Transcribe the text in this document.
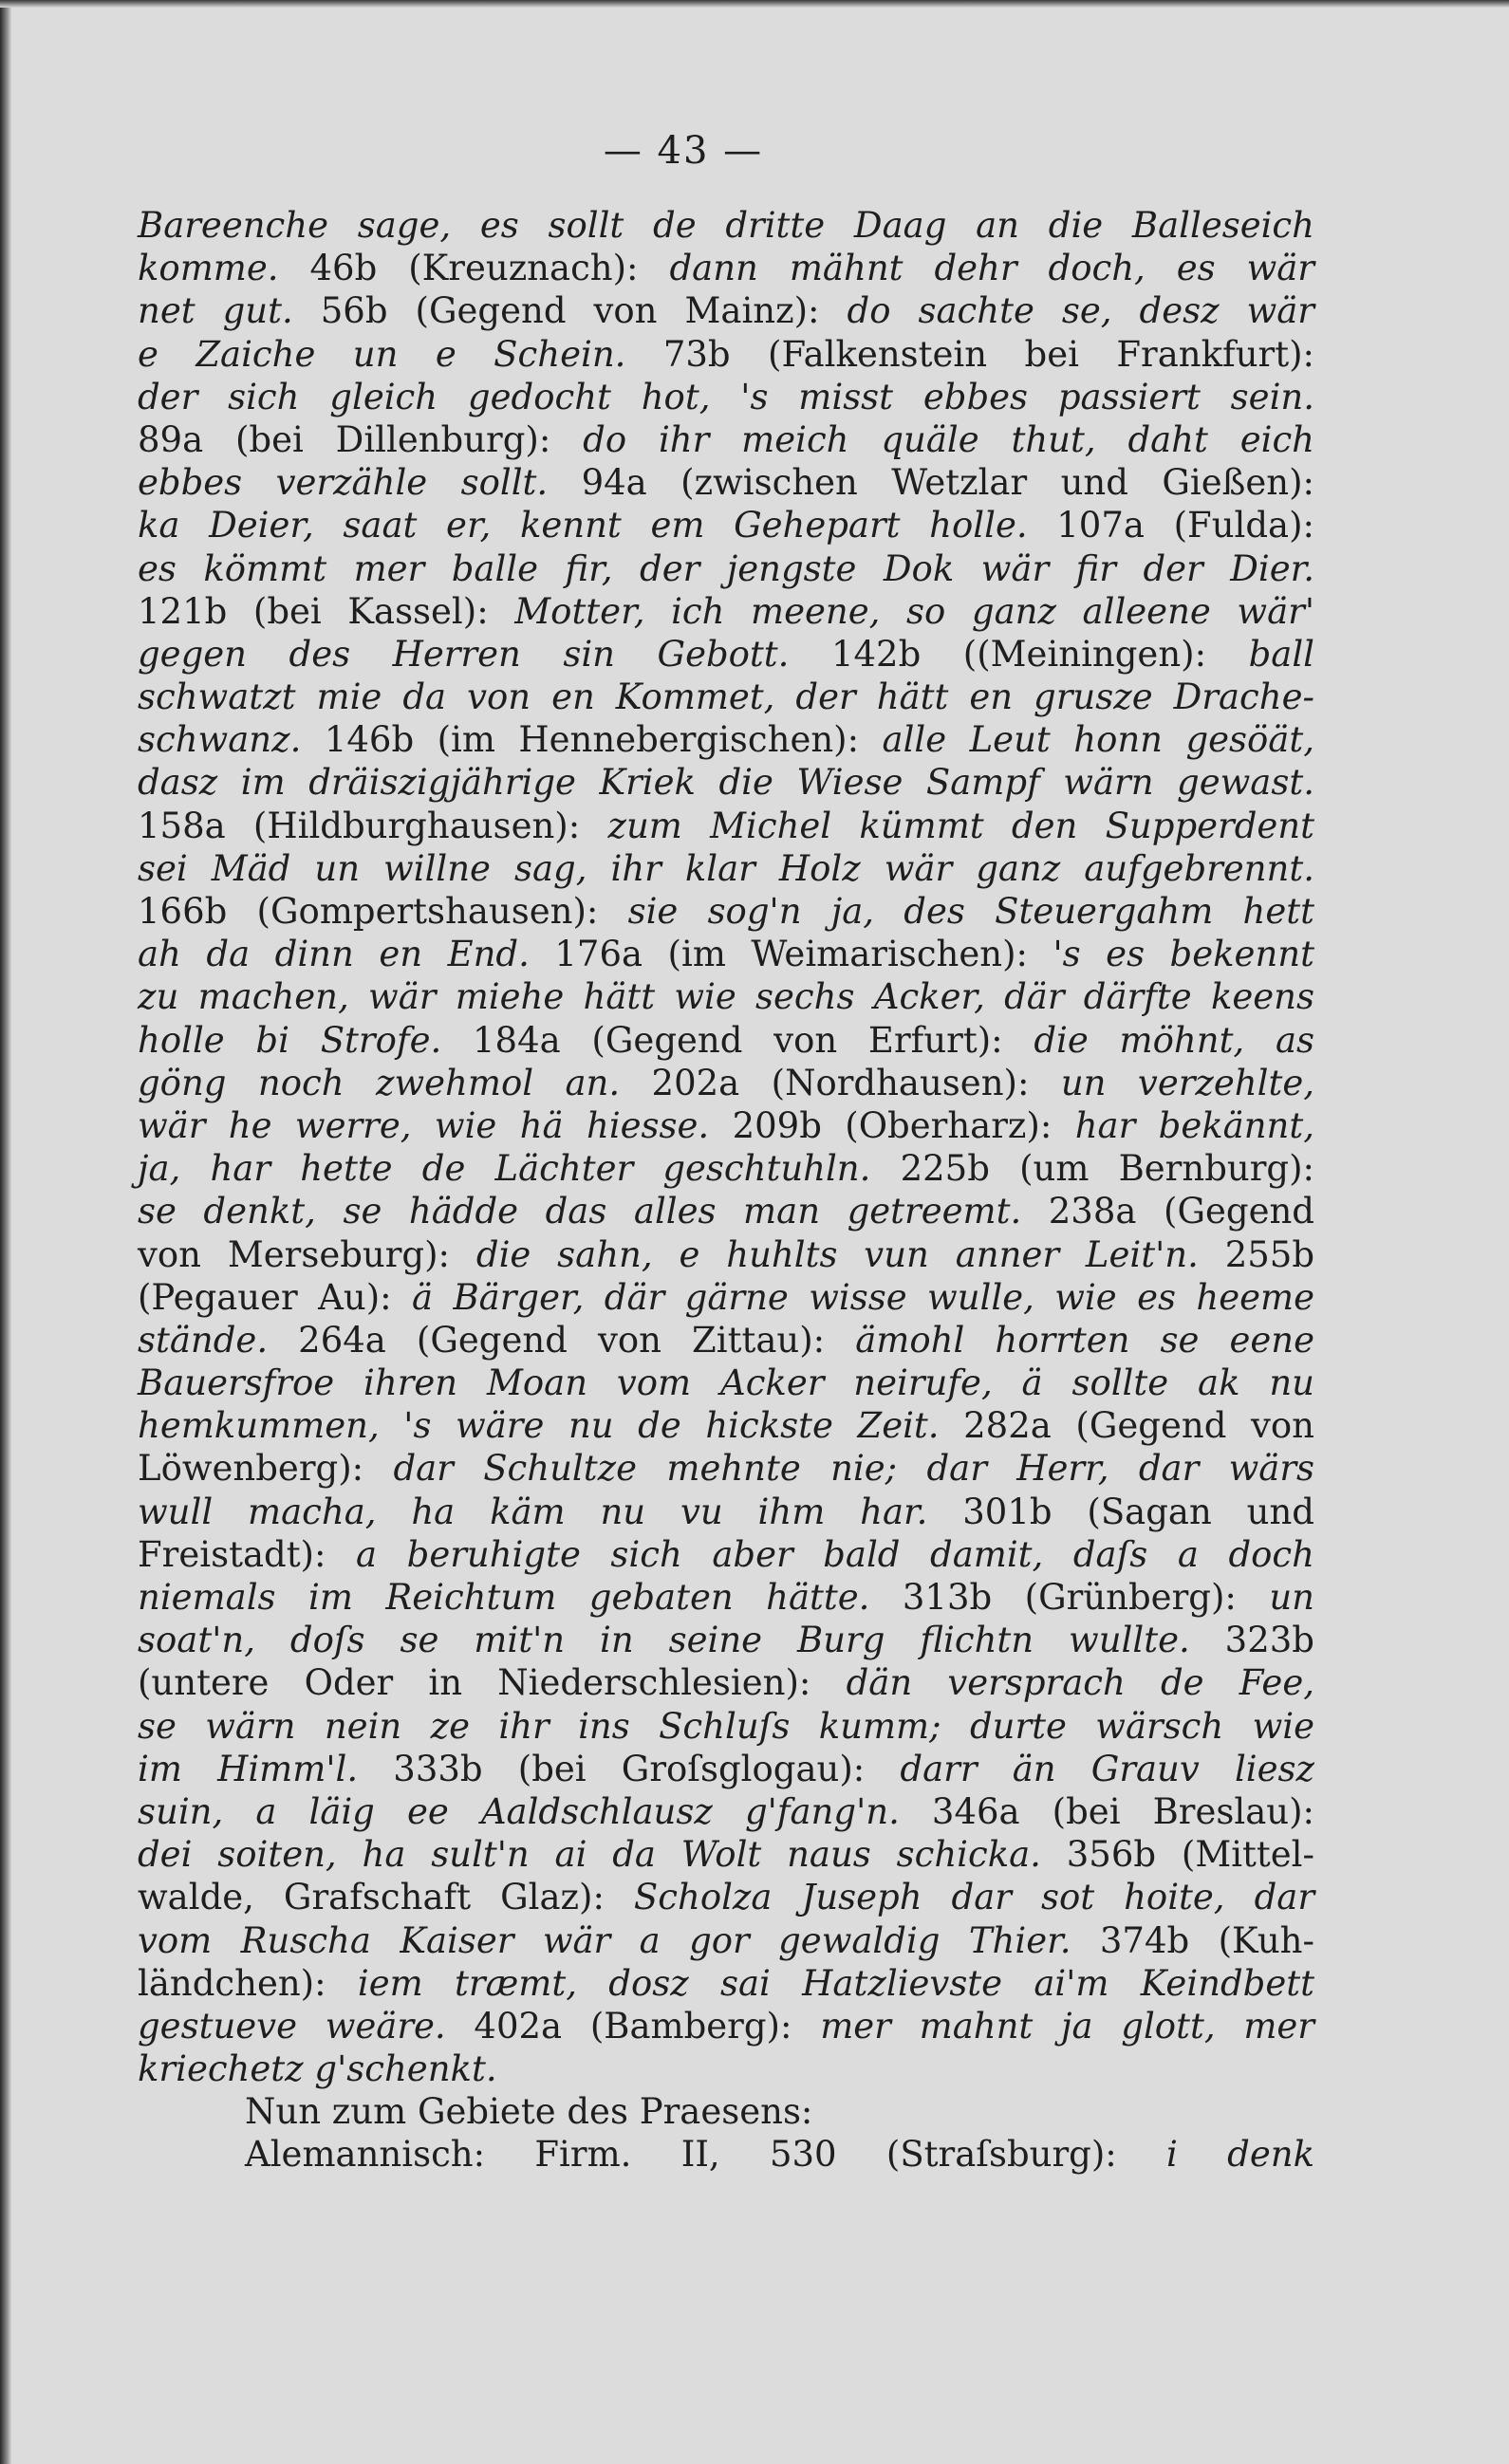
— 43 —
Bareenche sage, es sollt de dritte Daag an die Balleseich
komme. 46b (Kreuznach): dann mähnt dehr doch, es wär
net gut. 56b (Gegend von Mainz): do sachte se, desz wär
e Zaiche un e Schein. 73b (Falkenstein bei Frankfurt):
der sich gleich gedocht hot, 's misst ebbes passiert sein.
89a (bei Dillenburg): do ihr meich quäle thut, daht eich
ebbes verzähle sollt. 94a (zwischen Wetzlar und Gießen):
ka Deier, saat er, kennt em Gehepart holle. 107a (Fulda):
es kömmt mer balle fir, der jengste Dok wär fir der Dier.
121b (bei Kassel): Motter, ich meene, so ganz alleene wär'
gegen des Herren sin Gebott. 142b ((Meiningen): ball
schwatzt mie da von en Kommet, der hätt en grusze Drache-
schwanz. 146b (im Hennebergischen): alle Leut honn gesöät,
dasz im dräiszigjährige Kriek die Wiese Sampf wärn gewast.
158a (Hildburghausen): zum Michel kümmt den Supperdent
sei Mäd un willne sag, ihr klar Holz wär ganz aufgebrennt.
166b (Gompertshausen): sie sog'n ja, des Steuergahm hett
ah da dinn en End. 176a (im Weimarischen): 's es bekennt
zu machen, wär miehe hätt wie sechs Acker, där därfte keens
holle bi Strofe. 184a (Gegend von Erfurt): die möhnt, as
göng noch zwehmol an. 202a (Nordhausen): un verzehlte,
wär he werre, wie hä hiesse. 209b (Oberharz): har bekännt,
ja, har hette de Lächter geschtuhln. 225b (um Bernburg):
se denkt, se hädde das alles man getreemt. 238a (Gegend
von Merseburg): die sahn, e huhlts vun anner Leit'n. 255b
(Pegauer Au): ä Bärger, där gärne wisse wulle, wie es heeme
stände. 264a (Gegend von Zittau): ämohl horrten se eene
Bauersfroe ihren Moan vom Acker neirufe, ä sollte ak nu
hemkummen, 's wäre nu de hickste Zeit. 282a (Gegend von
Löwenberg): dar Schultze mehnte nie; dar Herr, dar wärs
wull macha, ha käm nu vu ihm har. 301b (Sagan und
Freistadt): a beruhigte sich aber bald damit, daſs a doch
niemals im Reichtum gebaten hätte. 313b (Grünberg): un
soat'n, doſs se mit'n in seine Burg flichtn wullte. 323b
(untere Oder in Niederschlesien): dän versprach de Fee,
se wärn nein ze ihr ins Schluſs kumm; durte wärsch wie
im Himm'l. 333b (bei Groſsglogau): darr än Grauv liesz
suin, a läig ee Aaldschlausz g'fang'n. 346a (bei Breslau):
dei soiten, ha sult'n ai da Wolt naus schicka. 356b (Mittel-
walde, Grafschaft Glaz): Scholza Juseph dar sot hoite, dar
vom Ruscha Kaiser wär a gor gewaldig Thier. 374b (Kuh-
ländchen): iem træmt, dosz sai Hatzlievste ai'm Keindbett
gestueve weäre. 402a (Bamberg): mer mahnt ja glott, mer
kriechetz g'schenkt.
Nun zum Gebiete des Praesens:
Alemannisch: Firm. II, 530 (Straſsburg): i denk
